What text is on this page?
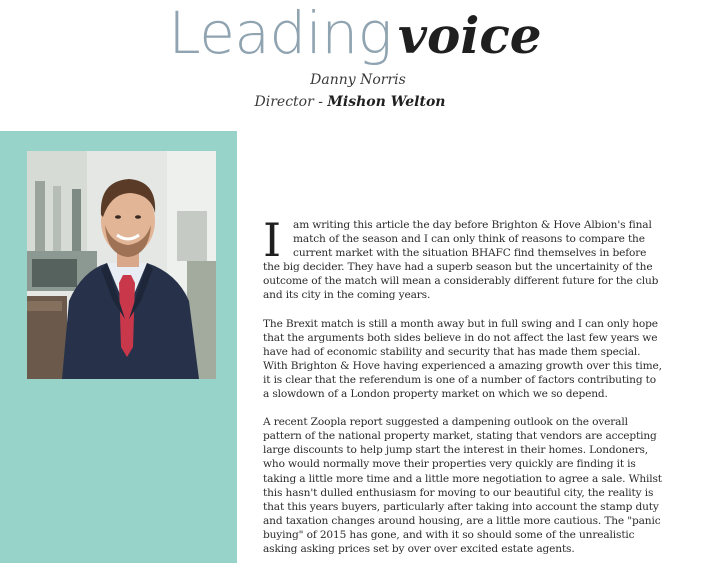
Leading voice
Danny Norris
Director - Mishon Welton

I am writing this article the day before Brighton & Hove Albion's final match of the season and I can only think of reasons to compare the current market with the situation BHAFC find themselves in before the big decider. They have had a superb season but the uncertainity of the outcome of the match will mean a considerably different future for the club and its city in the coming years.

The Brexit match is still a month away but in full swing and I can only hope that the arguments both sides believe in do not affect the last few years we have had of economic stability and security that has made them special. With Brighton & Hove having experienced a amazing growth over this time, it is clear that the referendum is one of a number of factors contributing to a slowdown of a London property market on which we so depend.

A recent Zoopla report suggested a dampening outlook on the overall pattern of the national property market, stating that vendors are accepting large discounts to help jump start the interest in their homes. Londoners, who would normally move their properties very quickly are finding it is taking a little more time and a little more negotiation to agree a sale. Whilst this hasn't dulled enthusiasm for moving to our beautiful city, the reality is that this years buyers, particularly after taking into account the stamp duty and taxation changes around housing, are a little more cautious. The "panic buying" of 2015 has gone, and with it so should some of the unrealistic asking asking prices set by over over excited estate agents.
